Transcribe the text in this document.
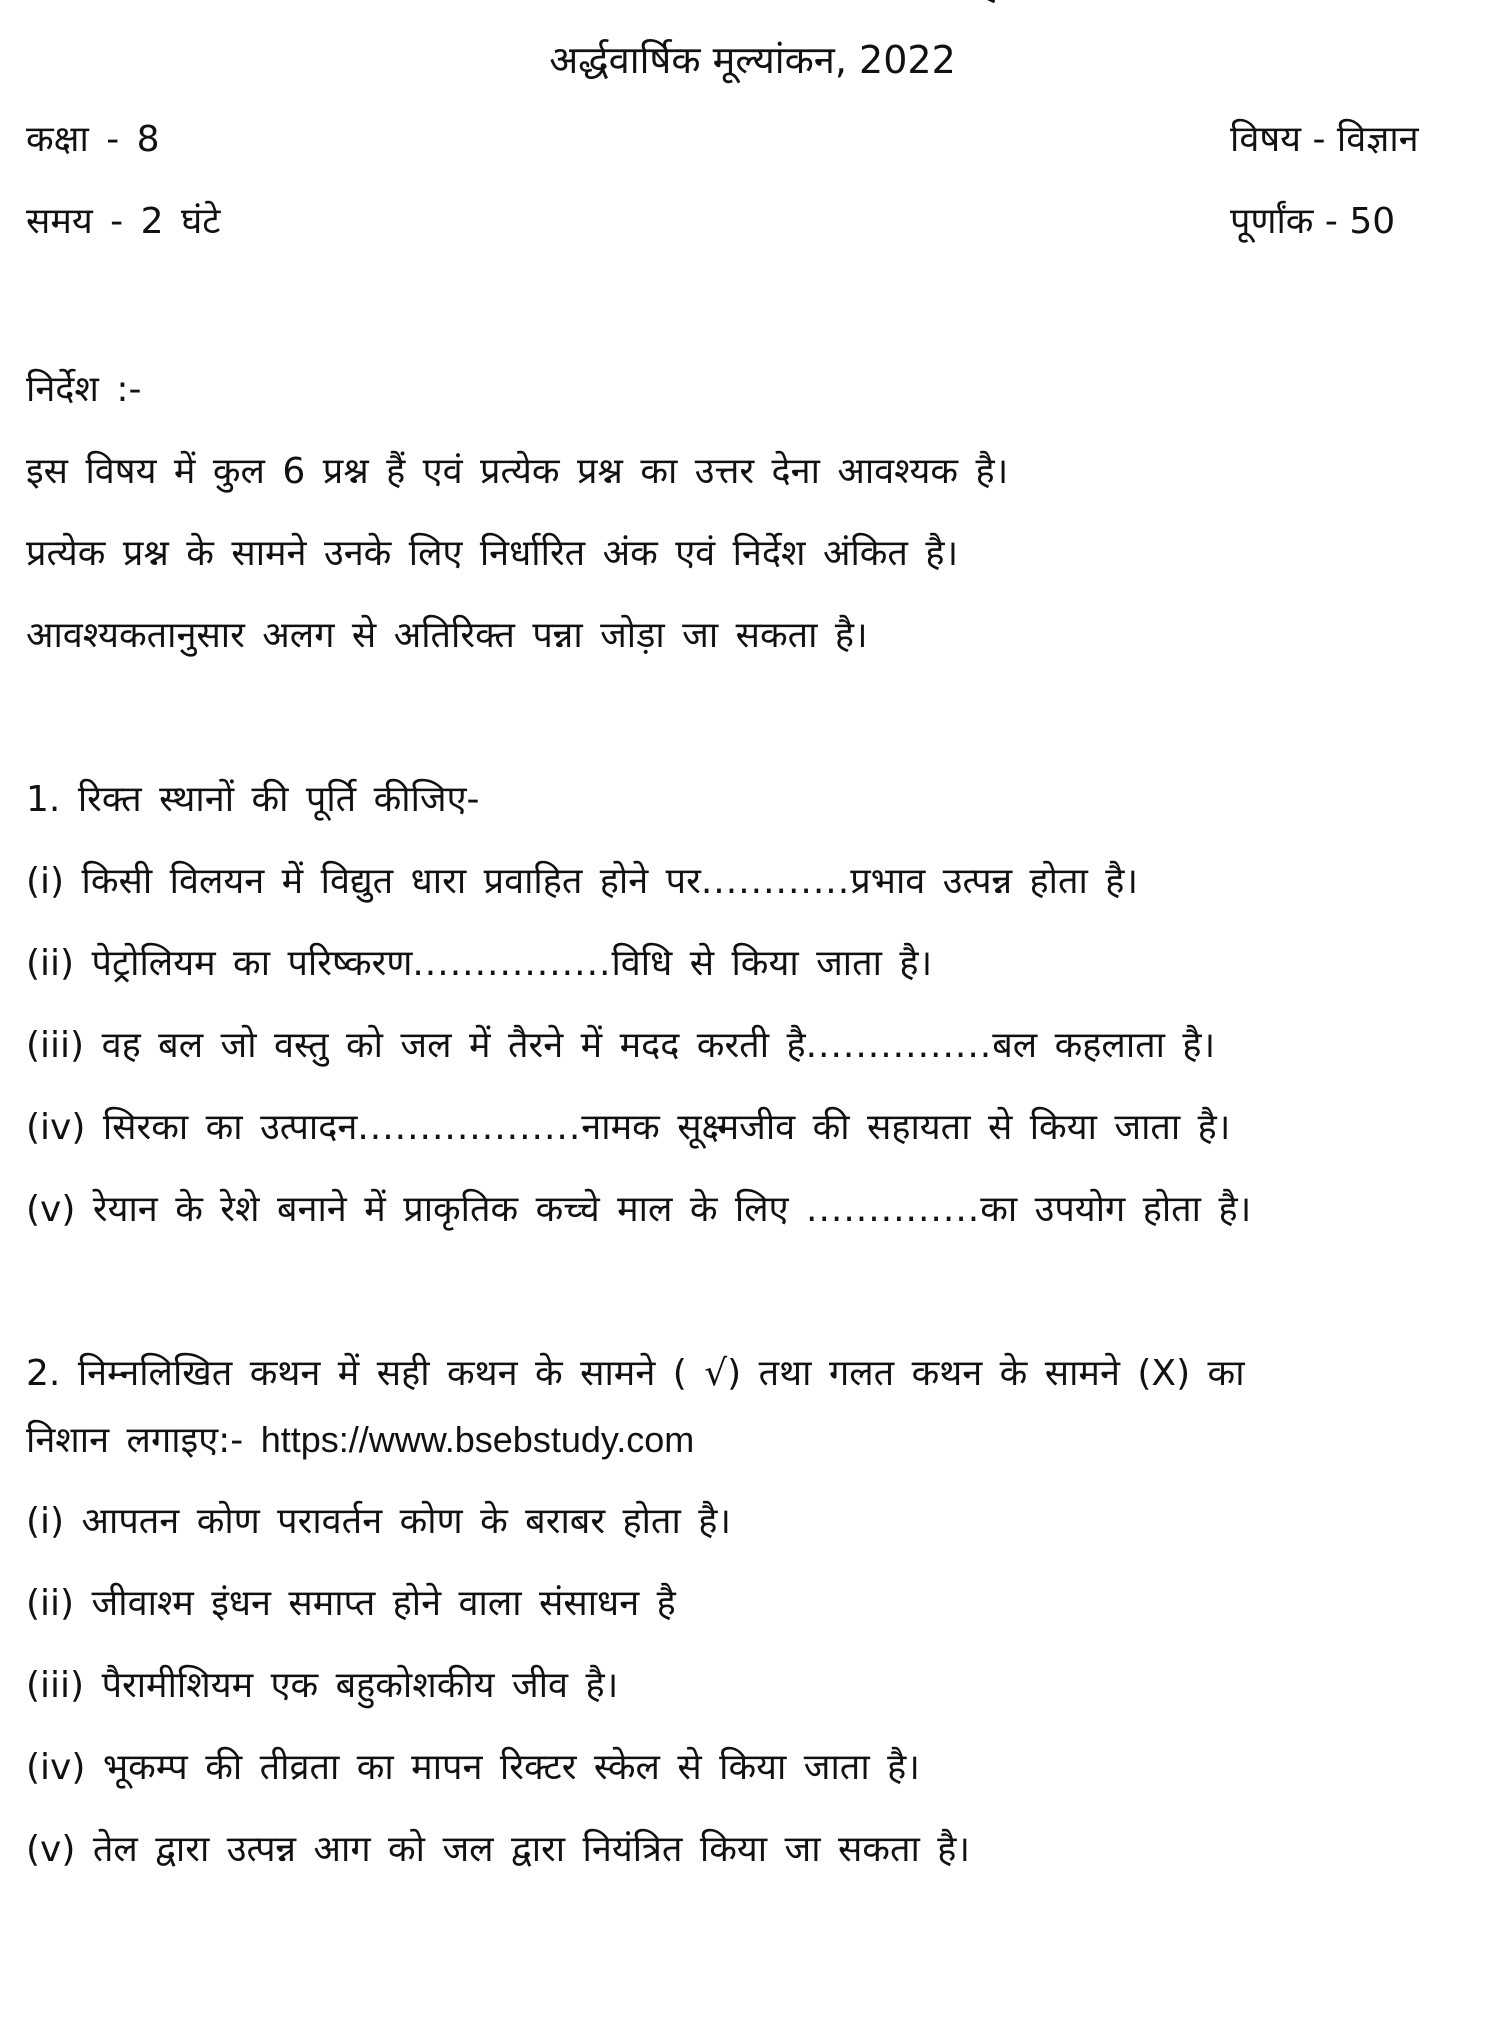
अर्द्धवार्षिक मूल्यांकन, 2022
कक्षा - 8	विषय - विज्ञान
समय - 2 घंटे	पूर्णांक - 50
निर्देश :-
इस विषय में कुल 6 प्रश्न हैं एवं प्रत्येक प्रश्न का उत्तर देना आवश्यक है।
प्रत्येक प्रश्न के सामने उनके लिए निर्धारित अंक एवं निर्देश अंकित है।
आवश्यकतानुसार अलग से अतिरिक्त पन्ना जोड़ा जा सकता है।
1. रिक्त स्थानों की पूर्ति कीजिए-
(i) किसी विलयन में विद्युत धारा प्रवाहित होने पर............प्रभाव उत्पन्न होता है।
(ii) पेट्रोलियम का परिष्करण................विधि से किया जाता है।
(iii) वह बल जो वस्तु को जल में तैरने में मदद करती है...............बल कहलाता है।
(iv) सिरका का उत्पादन..................नामक सूक्ष्मजीव की सहायता से किया जाता है।
(v) रेयान के रेशे बनाने में प्राकृतिक कच्चे माल के लिए ..............का उपयोग होता है।
2. निम्नलिखित कथन में सही कथन के सामने ( √) तथा गलत कथन के सामने (X) का
निशान लगाइए:- https://www.bsebstudy.com
(i) आपतन कोण परावर्तन कोण के बराबर होता है।
(ii) जीवाश्म इंधन समाप्त होने वाला संसाधन है
(iii) पैरामीशियम एक बहुकोशकीय जीव है।
(iv) भूकम्प की तीव्रता का मापन रिक्टर स्केल से किया जाता है।
(v) तेल द्वारा उत्पन्न आग को जल द्वारा नियंत्रित किया जा सकता है।
